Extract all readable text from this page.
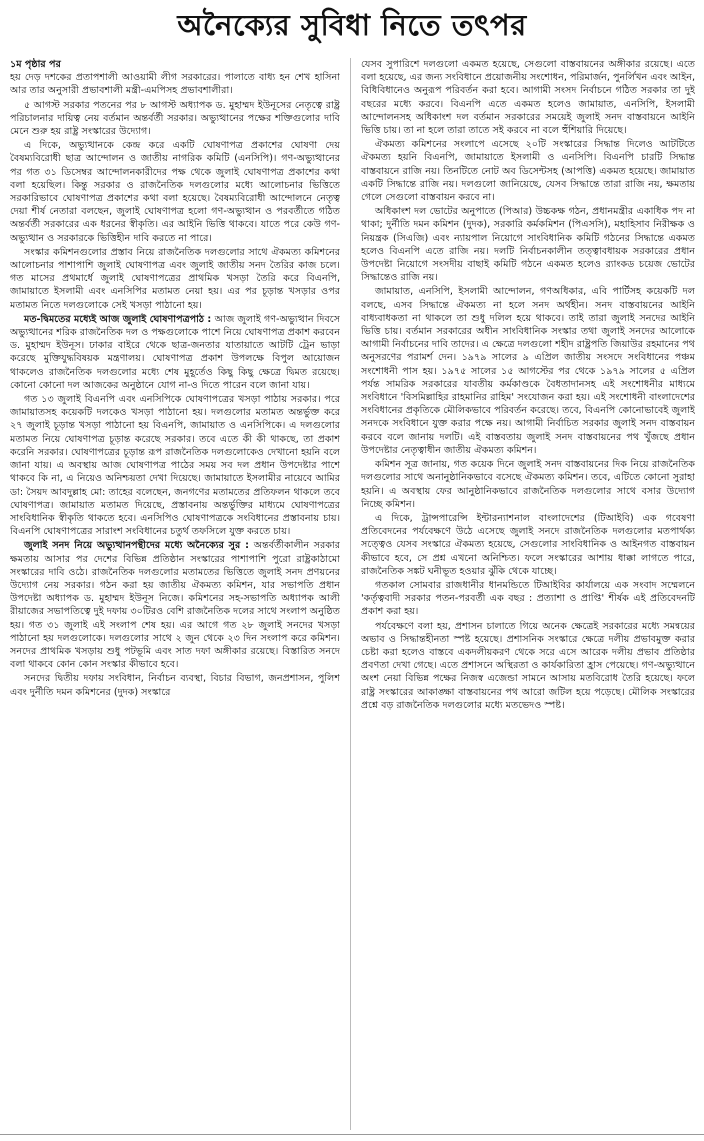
অনৈক্যের সুবিধা নিতে তৎপর
১ম পৃষ্ঠার পর

হয় দেড় দশকের প্রতাপশালী আওয়ামী লীগ সরকারের। পালাতে বাধ্য হন শেখ হাসিনা আর তার অনুসারী প্রভাবশালী মন্ত্রী-এমপিসহ প্রভাবশালীরা।

৫ আগস্ট সরকার পতনের পর ৮ আগস্ট অধ্যাপক ড. মুহাম্মদ ইউনূসের নেতৃত্বে রাষ্ট্র পরিচালনার দায়িত্ব নেয় বর্তমান অন্তর্বর্তী সরকার। অভ্যুত্থানের পক্ষের শক্তিগুলোর দাবি মেনে শুরু হয় রাষ্ট্র সংস্কারের উদ্যোগ।

এ দিকে, অভ্যুত্থানকে কেন্দ্র করে একটি ঘোষণাপত্র প্রকাশের ঘোষণা দেয় বৈষম্যবিরোধী ছাত্র আন্দোলন ও জাতীয় নাগরিক কমিটি (এনসিপি)। গণ-অভ্যুত্থানের পর গত ৩১ ডিসেম্বর আন্দোলনকারীদের পক্ষ থেকে জুলাই ঘোষণাপত্র প্রকাশের কথা বলা হয়েছিল। কিন্তু সরকার ও রাজনৈতিক দলগুলোর মধ্যে আলোচনার ভিত্তিতে সরকারিভাবে ঘোষণাপত্র প্রকাশের কথা বলা হয়েছে। বৈষম্যবিরোধী আন্দোলনে নেতৃত্ব দেয়া শীর্ষ নেতারা বলছেন, জুলাই ঘোষণাপত্র হলো গণ-অভ্যুত্থান ও পরবর্তীতে গঠিত অন্তর্বর্তী সরকারের এক ধরনের স্বীকৃতি। এর আইনি ভিত্তি থাকবে। যাতে পরে কেউ গণ-অভ্যুত্থান ও সরকারকে ভিত্তিহীন দাবি করতে না পারে।

সংস্কার কমিশনগুলোর প্রস্তাব নিয়ে রাজনৈতিক দলগুলোর সাথে ঐকমত্য কমিশনের আলোচনার পাশাপাশি জুলাই ঘোষণাপত্র এবং জুলাই জাতীয় সনদ তৈরির কাজ চলে। গত মাসের প্রথমার্ধে জুলাই ঘোষণাপত্রের প্রাথমিক খসড়া তৈরি করে বিএনপি, জামায়াতে ইসলামী এবং এনসিপির মতামত নেয়া হয়। এর পর চূড়ান্ত খসড়ার ওপর মতামত নিতে দলগুলোকে সেই খসড়া পাঠানো হয়।

মত-দ্বিমতের মধ্যেই আজ জুলাই ঘোষণাপত্রপাঠ : আজ জুলাই গণ-অভ্যুত্থান দিবসে অভ্যুত্থানের শরিক রাজনৈতিক দল ও পক্ষগুলোকে পাশে নিয়ে ঘোষণাপত্র প্রকাশ করবেন ড. মুহাম্মদ ইউনূস। ঢাকার বাইরে থেকে ছাত্র-জনতার যাতায়াতে আটটি ট্রেন ভাড়া করেছে মুক্তিযুদ্ধবিষয়ক মন্ত্রণালয়। ঘোষণাপত্র প্রকাশ উপলক্ষে বিপুল আয়োজন থাকলেও রাজনৈতিক দলগুলোর মধ্যে শেষ মুহূর্তেও কিছু কিছু ক্ষেত্রে দ্বিমত রয়েছে। কোনো কোনো দল আজকের অনুষ্ঠানে যোগ না-ও দিতে পারেন বলে জানা যায়।

গত ১৩ জুলাই বিএনপি এবং এনসিপিকে ঘোষণাপত্রের খসড়া পাঠায় সরকার। পরে জামায়াতসহ কয়েকটি দলকেও খসড়া পাঠানো হয়। দলগুলোর মতামত অন্তর্ভুক্ত করে ২৭ জুলাই চূড়ান্ত খসড়া পাঠানো হয় বিএনপি, জামায়াত ও এনসিপিকে। এ দলগুলোর মতামত নিয়ে ঘোষণাপত্র চূড়ান্ত করেছে সরকার। তবে এতে কী কী থাকছে, তা প্রকাশ করেনি সরকার। ঘোষণাপত্রের চূড়ান্ত রূপ রাজনৈতিক দলগুলোকেও দেখানো হয়নি বলে জানা যায়। এ অবস্থায় আজ ঘোষণাপত্র পাঠের সময় সব দল প্রধান উপদেষ্টার পাশে থাকবে কি না, এ নিয়েও অনিশ্চয়তা দেখা দিয়েছে। জামায়াতে ইসলামীর নায়েবে আমির ডা: সৈয়দ আবদুল্লাহ মো: তাহের বলেছেন, জনগণের মতামতের প্রতিফলন থাকলে তবে ঘোষণাপত্র। জামায়াত মতামত দিয়েছে, প্রস্তাবনায় অন্তর্ভুক্তির মাধ্যমে ঘোষণাপত্রের সাংবিধানিক স্বীকৃতি থাকতে হবে। এনসিপিও ঘোষণাপত্রকে সংবিধানের প্রস্তাবনায় চায়। বিএনপি ঘোষণাপত্রের সারাংশ সংবিধানের চতুর্থ তফসিলে যুক্ত করতে চায়।

জুলাই সনদ নিয়ে অভ্যুত্থানপন্থীদের মধ্যে অনৈক্যের সুর : অন্তর্বর্তীকালীন সরকার ক্ষমতায় আসার পর দেশের বিভিন্ন প্রতিষ্ঠান সংস্কারের পাশাপাশি পুরো রাষ্ট্রকাঠামো সংস্কারের দাবি ওঠে। রাজনৈতিক দলগুলোর মতামতের ভিত্তিতে জুলাই সনদ প্রণয়নের উদ্যোগ নেয় সরকার। গঠন করা হয় জাতীয় ঐকমত্য কমিশন, যার সভাপতি প্রধান উপদেষ্টা অধ্যাপক ড. মুহাম্মদ ইউনূস নিজে। কমিশনের সহ-সভাপতি অধ্যাপক আলী রীয়াজের সভাপতিত্বে দুই দফায় ৩০টিরও বেশি রাজনৈতিক দলের সাথে সংলাপ অনুষ্ঠিত হয়। গত ৩১ জুলাই এই সংলাপ শেষ হয়। এর আগে গত ২৮ জুলাই সনদের খসড়া পাঠানো হয় দলগুলোকে। দলগুলোর সাথে ২ জুন থেকে ২৩ দিন সংলাপ করে কমিশন। সনদের প্রাথমিক খসড়ায় শুধু পটভূমি এবং সাত দফা অঙ্গীকার রয়েছে। বিস্তারিত সনদে বলা থাকবে কোন কোন সংস্কার কীভাবে হবে।

সনদের দ্বিতীয় দফায় সংবিধান, নির্বাচন ব্যবস্থা, বিচার বিভাগ, জনপ্রশাসন, পুলিশ এবং দুর্নীতি দমন কমিশনের (দুদক) সংস্কারে

যেসব সুপারিশে দলগুলো একমত হয়েছে, সেগুলো বাস্তবায়নের অঙ্গীকার রয়েছে। এতে বলা হয়েছে, এর জন্য সংবিধানে প্রয়োজনীয় সংশোধন, পরিমার্জন, পুনর্লিখন এবং আইন, বিধিবিধানেও অনুরূপ পরিবর্তন করা হবে। আগামী সংসদ নির্বাচনে গঠিত সরকার তা দুই বছরের মধ্যে করবে। বিএনপি এতে একমত হলেও জামায়াত, এনসিপি, ইসলামী আন্দোলনসহ অধিকাংশ দল বর্তমান সরকারের সময়েই জুলাই সনদ বাস্তবায়নে আইনি ভিত্তি চায়। তা না হলে তারা তাতে সই করবে না বলে হুঁশিয়ারি দিয়েছে।

ঐকমত্য কমিশনের সংলাপে এসেছে ২০টি সংস্কারের সিদ্ধান্ত দিলেও আটটিতে ঐকমত্য হয়নি বিএনপি, জামায়াতে ইসলামী ও এনসিপি। বিএনপি চারটি সিদ্ধান্ত বাস্তবায়নে রাজি নয়। তিনটিতে নোট অব ডিসেন্টসহ (আপত্তি) একমত হয়েছে। জামায়াত একটি সিদ্ধান্তে রাজি নয়। দলগুলো জানিয়েছে, যেসব সিদ্ধান্তে তারা রাজি নয়, ক্ষমতায় গেলে সেগুলো বাস্তবায়ন করবে না।

অধিকাংশ দল ভোটের অনুপাতে (পিআর) উচ্চকক্ষ গঠন, প্রধানমন্ত্রীর একাধিক পদ না থাকা; দুর্নীতি দমন কমিশন (দুদক), সরকারি কর্মকমিশন (পিএসসি), মহাহিসাব নিরীক্ষক ও নিয়ন্ত্রক (সিএজি) এবং ন্যায়পাল নিয়োগে সাংবিধানিক কমিটি গঠনের সিদ্ধান্তে একমত হলেও বিএনপি এতে রাজি নয়। দলটি নির্বাচনকালীন তত্ত্বাবধায়ক সরকারের প্রধান উপদেষ্টা নিয়োগে সংসদীয় বাছাই কমিটি গঠনে একমত হলেও র‌্যাংকড চয়েজ ভোটের সিদ্ধান্তেও রাজি নয়।

জামায়াত, এনসিপি, ইসলামী আন্দোলন, গণঅধিকার, এবি পার্টিসহ কয়েকটি দল বলছে, এসব সিদ্ধান্তে ঐকমত্য না হলে সনদ অর্থহীন। সনদ বাস্তবায়নের আইনি বাধ্যবাধকতা না থাকলে তা শুধু দলিল হয়ে থাকবে। তাই তারা জুলাই সনদের আইনি ভিত্তি চায়। বর্তমান সরকারের অধীন সাংবিধানিক সংস্কার তথা জুলাই সনদের আলোকে আগামী নির্বাচনের দাবি তাদের। এ ক্ষেত্রে দলগুলো শহীদ রাষ্ট্রপতি জিয়াউর রহমানের পথ অনুসরণের পরামর্শ দেন। ১৯৭৯ সালের ৯ এপ্রিল জাতীয় সংসদে সংবিধানের পঞ্চম সংশোধনী পাস হয়। ১৯৭৫ সালের ১৫ আগস্টের পর থেকে ১৯৭৯ সালের ৫ এপ্রিল পর্যন্ত সামরিক সরকারের যাবতীয় কর্মকাণ্ডকে বৈধতাদানসহ এই সংশোধনীর মাধ্যমে সংবিধানে 'বিসমিল্লাহির রাহমানির রাহিম' সংযোজন করা হয়। এই সংশোধনী বাংলাদেশের সংবিধানের প্রকৃতিকে মৌলিকভাবে পরিবর্তন করেছে। তবে, বিএনপি কোনোভাবেই জুলাই সনদকে সংবিধানে যুক্ত করার পক্ষে নয়। আগামী নির্বাচিত সরকার জুলাই সনদ বাস্তবায়ন করবে বলে জানায় দলটি। এই বাস্তবতায় জুলাই সনদ বাস্তবায়নের পথ খুঁজছে প্রধান উপদেষ্টার নেতৃত্বাধীন জাতীয় ঐকমত্য কমিশন।

কমিশন সূত্র জানায়, গত কয়েক দিনে জুলাই সনদ বাস্তবায়নের দিক নিয়ে রাজনৈতিক দলগুলোর সাথে অনানুষ্ঠানিকভাবে বসেছে ঐকমত্য কমিশন। তবে, এটিতে কোনো সুরাহা হয়নি। এ অবস্থায় ফের আনুষ্ঠানিকভাবে রাজনৈতিক দলগুলোর সাথে বসার উদ্যোগ নিচ্ছে কমিশন।

এ দিকে, ট্রান্সপারেন্সি ইন্টারন্যাশনাল বাংলাদেশের (টিআইবি) এক গবেষণা প্রতিবেদনের পর্যবেক্ষণে উঠে এসেছে জুলাই সনদে রাজনৈতিক দলগুলোর মতপার্থক্য সত্ত্বেও যেসব সংস্কারে ঐকমত্য হয়েছে, সেগুলোর সাংবিধানিক ও আইনগত বাস্তবায়ন কীভাবে হবে, সে প্রশ্ন এখনো অনিশ্চিত। ফলে সংস্কারের আশায় ধাক্কা লাগতে পারে, রাজনৈতিক সঙ্কট ঘনীভূত হওয়ার ঝুঁকি থেকে যাচ্ছে।

গতকাল সোমবার রাজধানীর ধানমন্ডিতে টিআইবির কার্যালয়ে এক সংবাদ সম্মেলনে 'কর্তৃত্ববাদী সরকার পতন-পরবর্তী এক বছর : প্রত্যাশা ও প্রাপ্তি' শীর্ষক এই প্রতিবেদনটি প্রকাশ করা হয়।

পর্যবেক্ষণে বলা হয়, প্রশাসন চালাতে গিয়ে অনেক ক্ষেত্রেই সরকারের মধ্যে সমন্বয়ের অভাব ও সিদ্ধান্তহীনতা স্পষ্ট হয়েছে। প্রশাসনিক সংস্কারে ক্ষেত্রে দলীয় প্রভাবমুক্ত করার চেষ্টা করা হলেও বাস্তবে একদলীয়করণ থেকে সরে এসে আরেক দলীয় প্রভাব প্রতিষ্ঠার প্রবণতা দেখা গেছে। এতে প্রশাসনে অস্থিরতা ও কার্যকারিতা হ্রাস পেয়েছে। গণ-অভ্যুত্থানে অংশ নেয়া বিভিন্ন পক্ষের নিজস্ব এজেন্ডা সামনে আসায় মতবিরোধ তৈরি হয়েছে। ফলে রাষ্ট্র সংস্কারের আকাঙ্ক্ষা বাস্তবায়নের পথ আরো জটিল হয়ে পড়েছে। মৌলিক সংস্কারের প্রশ্নে বড় রাজনৈতিক দলগুলোর মধ্যে মতভেদও স্পষ্ট।
